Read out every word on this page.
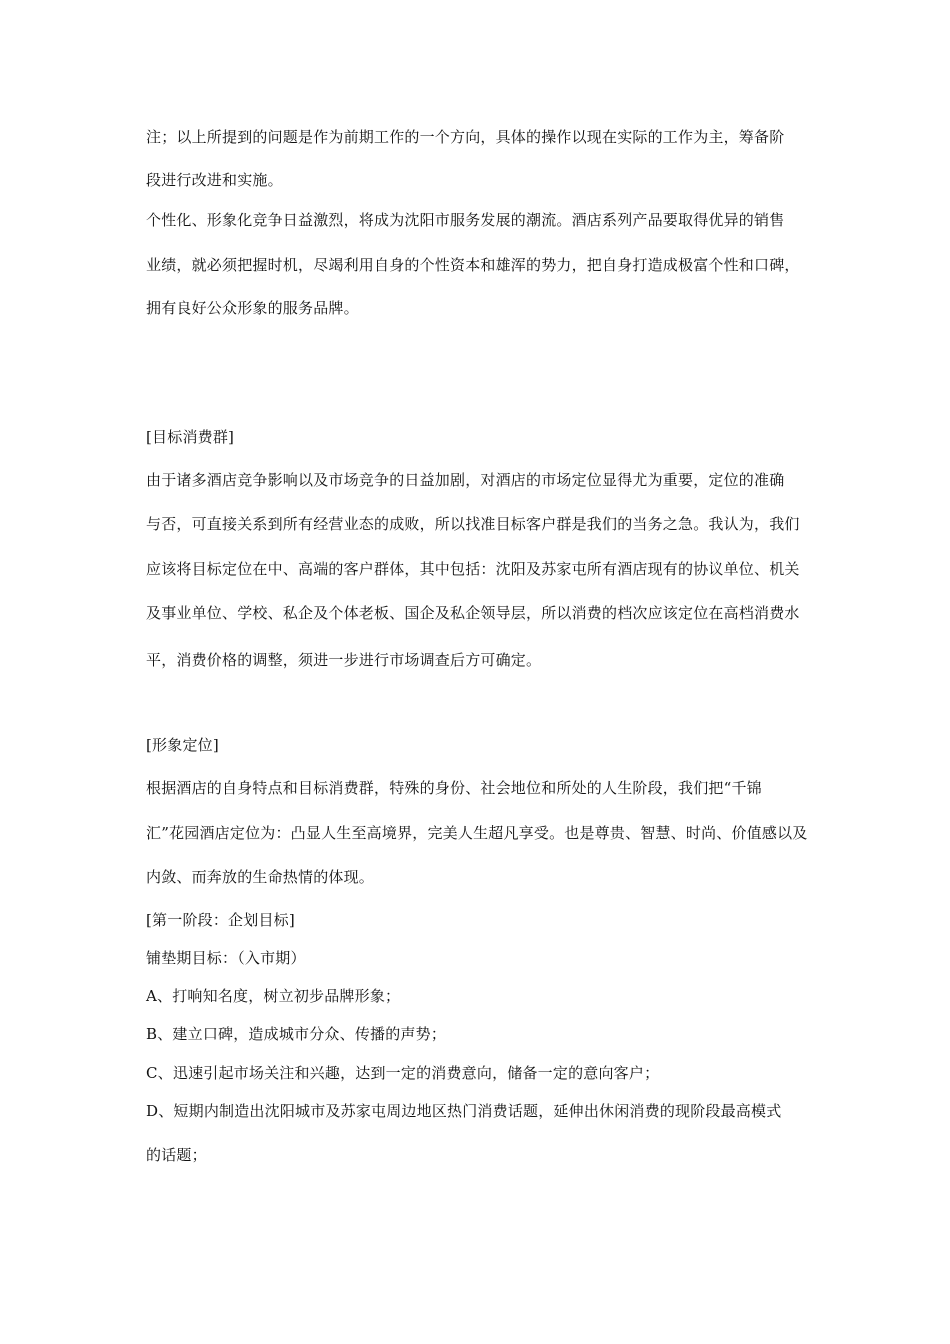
注；以上所提到的问题是作为前期工作的一个方向，具体的操作以现在实际的工作为主，筹备阶
段进行改进和实施。
个性化、形象化竞争日益激烈，将成为沈阳市服务发展的潮流。酒店系列产品要取得优异的销售
业绩，就必须把握时机，尽竭利用自身的个性资本和雄浑的势力，把自身打造成极富个性和口碑，
拥有良好公众形象的服务品牌。
[目标消费群]
由于诸多酒店竞争影响以及市场竞争的日益加剧，对酒店的市场定位显得尤为重要，定位的准确
与否，可直接关系到所有经营业态的成败，所以找准目标客户群是我们的当务之急。我认为，我们
应该将目标定位在中、高端的客户群体，其中包括：沈阳及苏家屯所有酒店现有的协议单位、机关
及事业单位、学校、私企及个体老板、国企及私企领导层，所以消费的档次应该定位在高档消费水
平，消费价格的调整，须进一步进行市场调查后方可确定。
[形象定位]
根据酒店的自身特点和目标消费群，特殊的身份、社会地位和所处的人生阶段，我们把“千锦
汇”花园酒店定位为：凸显人生至高境界，完美人生超凡享受。也是尊贵、智慧、时尚、价值感以及
内敛、而奔放的生命热情的体现。
[第一阶段：企划目标]
铺垫期目标：（入市期）
A、打响知名度，树立初步品牌形象；
B、建立口碑，造成城市分众、传播的声势；
C、迅速引起市场关注和兴趣，达到一定的消费意向，储备一定的意向客户；
D、短期内制造出沈阳城市及苏家屯周边地区热门消费话题，延伸出休闲消费的现阶段最高模式
的话题；
